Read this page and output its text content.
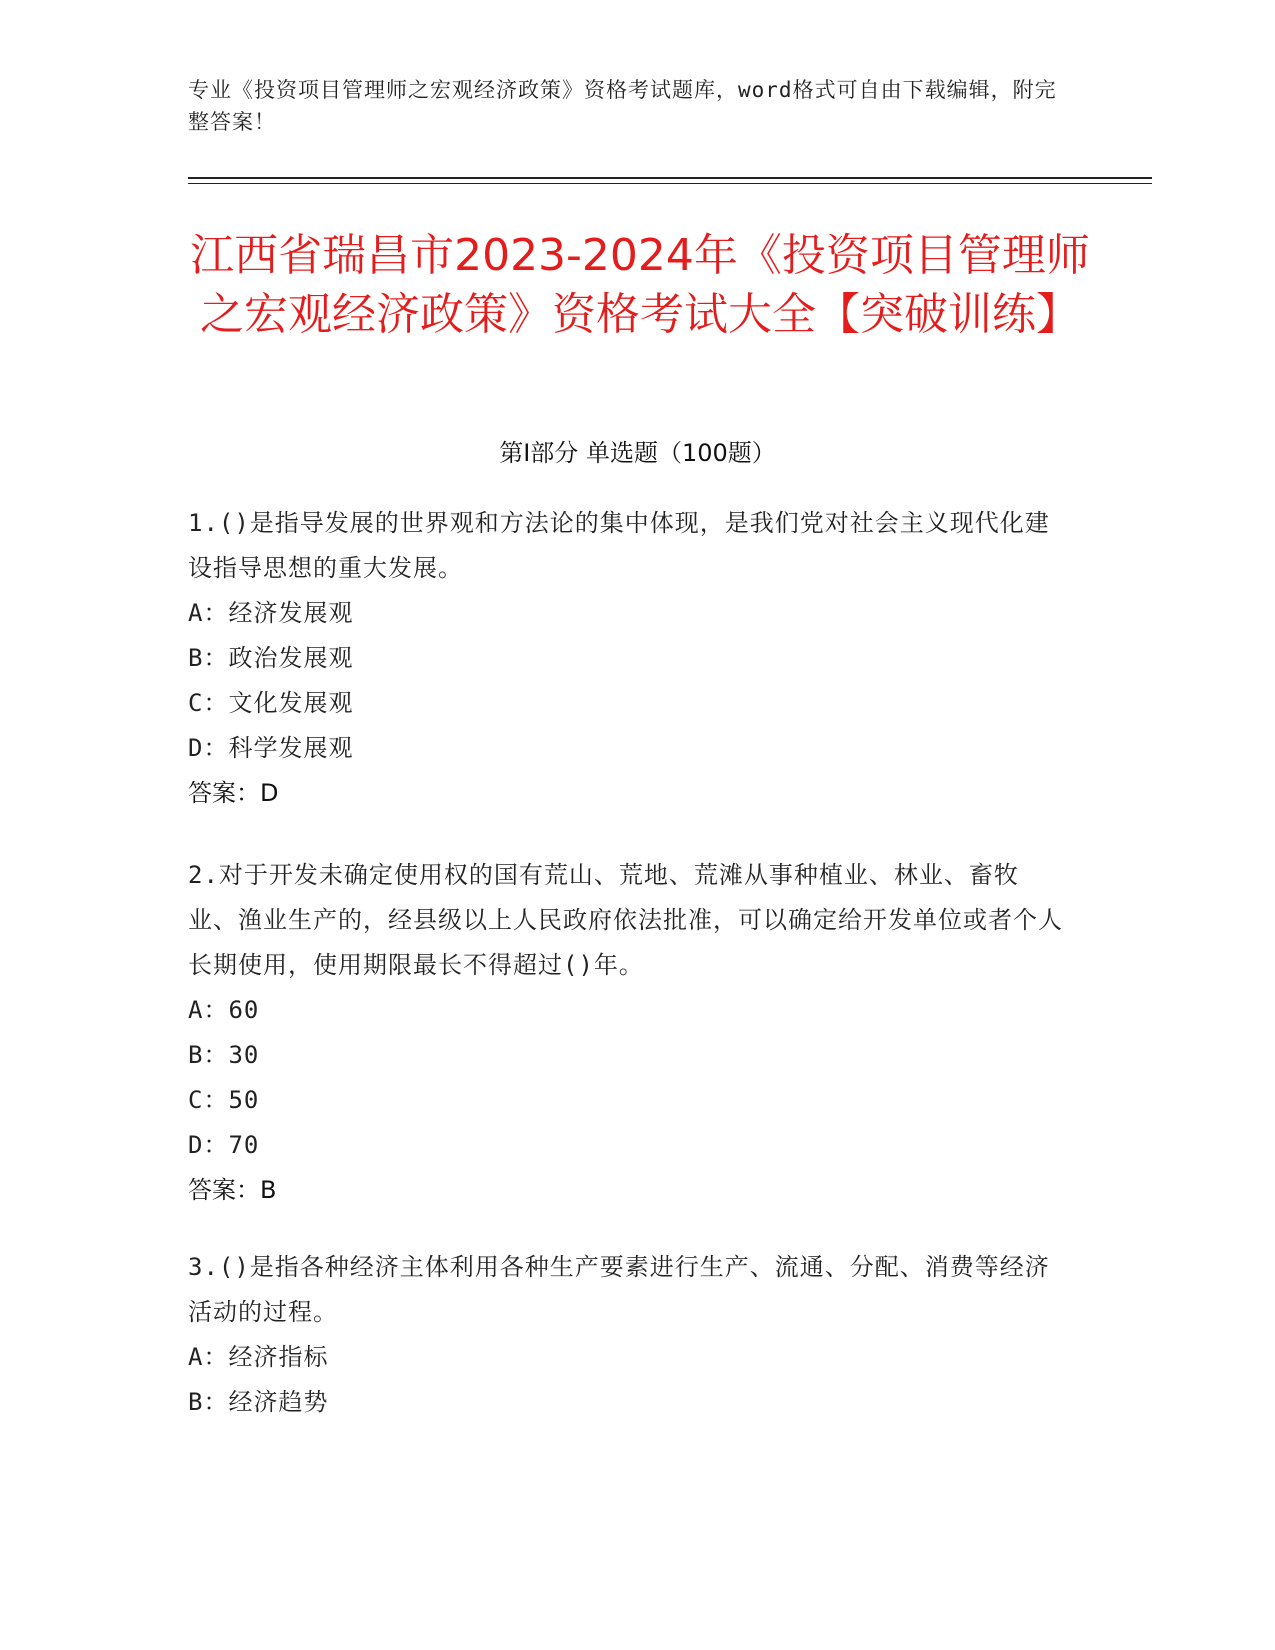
专业《投资项目管理师之宏观经济政策》资格考试题库，word格式可自由下载编辑，附完整答案！
江西省瑞昌市2023-2024年《投资项目管理师之宏观经济政策》资格考试大全【突破训练】
第Ⅰ部分 单选题（100题）
1.()是指导发展的世界观和方法论的集中体现，是我们党对社会主义现代化建设指导思想的重大发展。
A：经济发展观
B：政治发展观
C：文化发展观
D：科学发展观
答案：D
2.对于开发未确定使用权的国有荒山、荒地、荒滩从事种植业、林业、畜牧业、渔业生产的，经县级以上人民政府依法批准，可以确定给开发单位或者个人长期使用，使用期限最长不得超过()年。
A：60
B：30
C：50
D：70
答案：B
3.()是指各种经济主体利用各种生产要素进行生产、流通、分配、消费等经济活动的过程。
A：经济指标
B：经济趋势
